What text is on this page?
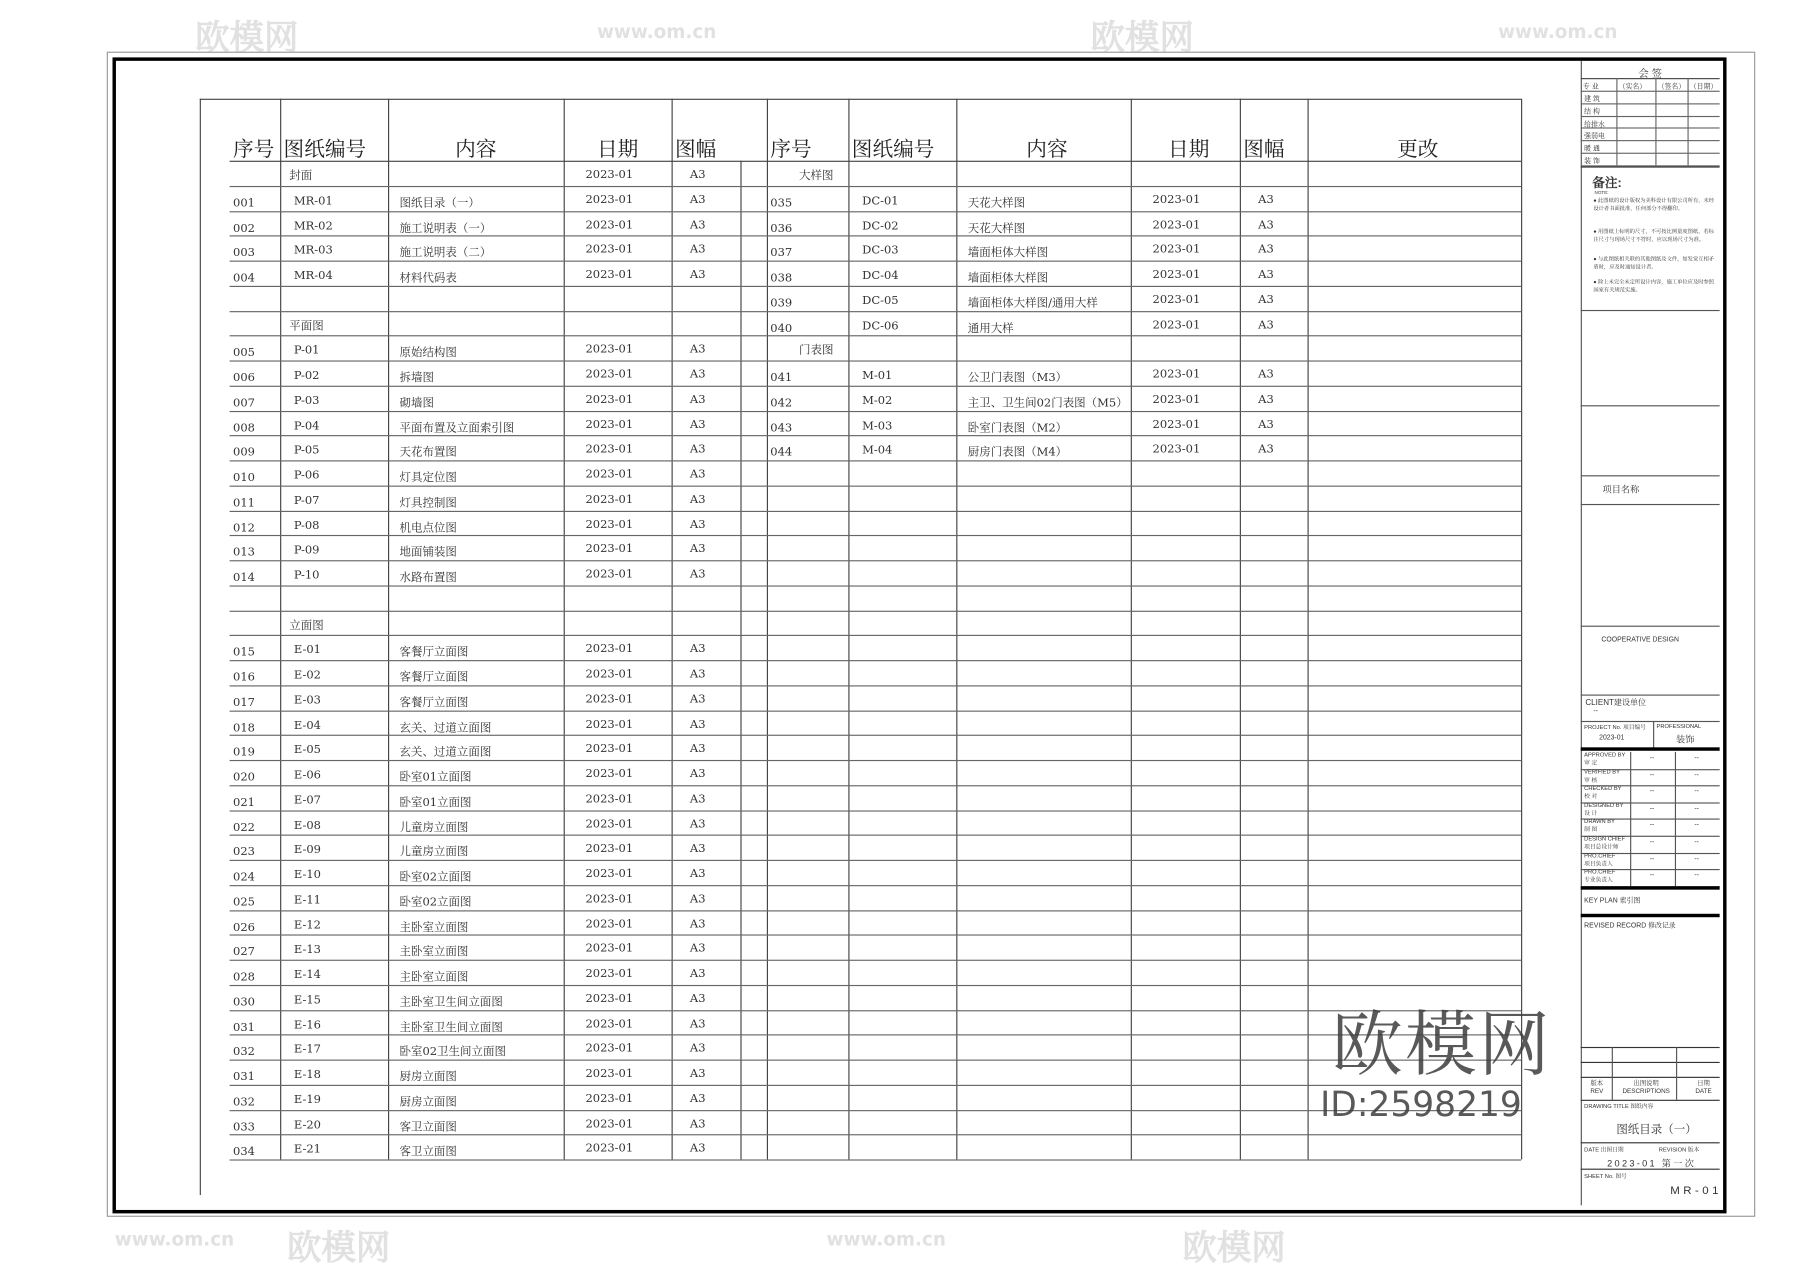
序号 图纸编号	内容	日期	图幅	序号	图纸编号	内容	日期	图幅	更改
封面	2023-01	A3
001	MR-01	图纸目录（一）	2023-01	A3
002	MR-02	施工说明表（一）	2023-01	A3
003	MR-03	施工说明表（二）	2023-01	A3
004	MR-04	材料代码表	2023-01	A3
平面图
005	P-01	原始结构图	2023-01	A3
006	P-02	拆墙图	2023-01	A3
007	P-03	砌墙图	2023-01	A3
008	P-04	平面布置及立面索引图	2023-01	A3
009	P-05	天花布置图	2023-01	A3
010	P-06	灯具定位图	2023-01	A3
011	P-07	灯具控制图	2023-01	A3
012	P-08	机电点位图	2023-01	A3
013	P-09	地面铺装图	2023-01	A3
014	P-10	水路布置图	2023-01	A3
立面图
015	E-01	客餐厅立面图	2023-01	A3
016	E-02	客餐厅立面图	2023-01	A3
017	E-03	客餐厅立面图	2023-01	A3
018	E-04	玄关、过道立面图	2023-01	A3
019	E-05	玄关、过道立面图	2023-01	A3
020	E-06	卧室01立面图	2023-01	A3
021	E-07	卧室01立面图	2023-01	A3
022	E-08	儿童房立面图	2023-01	A3
023	E-09	儿童房立面图	2023-01	A3
024	E-10	卧室02立面图	2023-01	A3
025	E-11	卧室02立面图	2023-01	A3
026	E-12	主卧室立面图	2023-01	A3
027	E-13	主卧室立面图	2023-01	A3
028	E-14	主卧室立面图	2023-01	A3
030	E-15	主卧室卫生间立面图	2023-01	A3
031	E-16	主卧室卫生间立面图	2023-01	A3
032	E-17	卧室02卫生间立面图	2023-01	A3
031	E-18	厨房立面图	2023-01	A3
032	E-19	厨房立面图	2023-01	A3
033	E-20	客卫立面图	2023-01	A3
034	E-21	客卫立面图	2023-01	A3
大样图
035	DC-01	天花大样图	2023-01	A3
036	DC-02	天花大样图	2023-01	A3
037	DC-03	墙面柜体大样图	2023-01	A3
038	DC-04	墙面柜体大样图	2023-01	A3
039	DC-05	墙面柜体大样图/通用大样	2023-01	A3
040	DC-06	通用大样	2023-01	A3
门表图
041	M-01	公卫门表图（M3）	2023-01	A3
042	M-02	主卫、卫生间02门表图（M5） 2023-01	A3
043	M-03	卧室门表图（M2）	2023-01	A3
044	M-04	厨房门表图（M4）	2023-01	A3
会 签
专 业	（实名） （签名） （日期）
建 筑
结 构
给排水
强弱电
暖 通
装 饰
备注:
NOTE:
● 此图纸的设计版权为美科设计有限公司所有，未经设计者书面批准，任何部分不得翻印。
● 用图纸上标明的尺寸，不可按比例量度图纸，若标注尺寸与现场尺寸不符时，应以现场尺寸为准。
● 与此图纸相关联的其他图纸及文件，如发觉互相矛盾时，应及时通知设计者。
● 除上未完全未定所设计内容，施工单位应及时参照国家有关规范实施。
项目名称
COOPERATIVE DESIGN
CLIENT建设单位
--
PROJECT No. 项目编号
2023-01
PROFESSIONAL
装饰
APPROVED BY
审 定
--	--
VERIFIED BY
审 核
--	--
CHECKED BY
校 对
--	--
DESIGNED BY
设 计
--	--
DRAWN BY
制 图
--	--
DESIGN CHIEF
项目总设计师
--	--
PRO.CHIEF
项目负责人
--	--
PRO.CHIEF
专业负责人
--	--
KEY PLAN 索引图
REVISED RECORD 修改记录
版本 REV
出图说明 DESCRIPTIONS
日期 DATE
DRAWING TITLE 图纸内容
图纸目录（一）
DATE 出图日期	REVISION 版本
2023-01 第一次
SHEET No. 图号
MR-01
欧模网	欧模网
欧模网	欧模网
www.om.cn	www.om.cn
www.om.cn
www.om.cn
欧模网
ID:2598219
